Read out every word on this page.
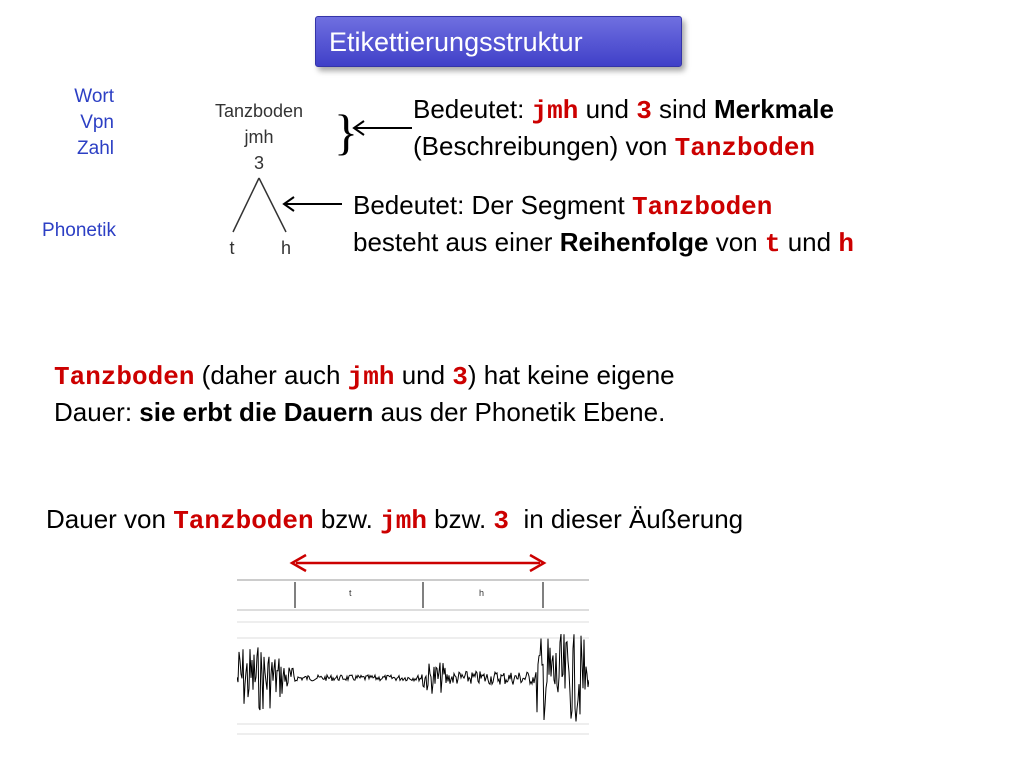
Etikettierungsstruktur
Wort
Vpn
Zahl
Phonetik
Tanzboden
jmh
3
t	h
} Bedeutet: jmh und 3 sind Merkmale
(Beschreibungen) von Tanzboden
Bedeutet: Der Segment Tanzboden
besteht aus einer Reihenfolge von t und h
Tanzboden (daher auch jmh und 3) hat keine eigene
Dauer: sie erbt die Dauern aus der Phonetik Ebene.
Dauer von Tanzboden bzw. jmh bzw. 3  in dieser Äußerung
t	h
